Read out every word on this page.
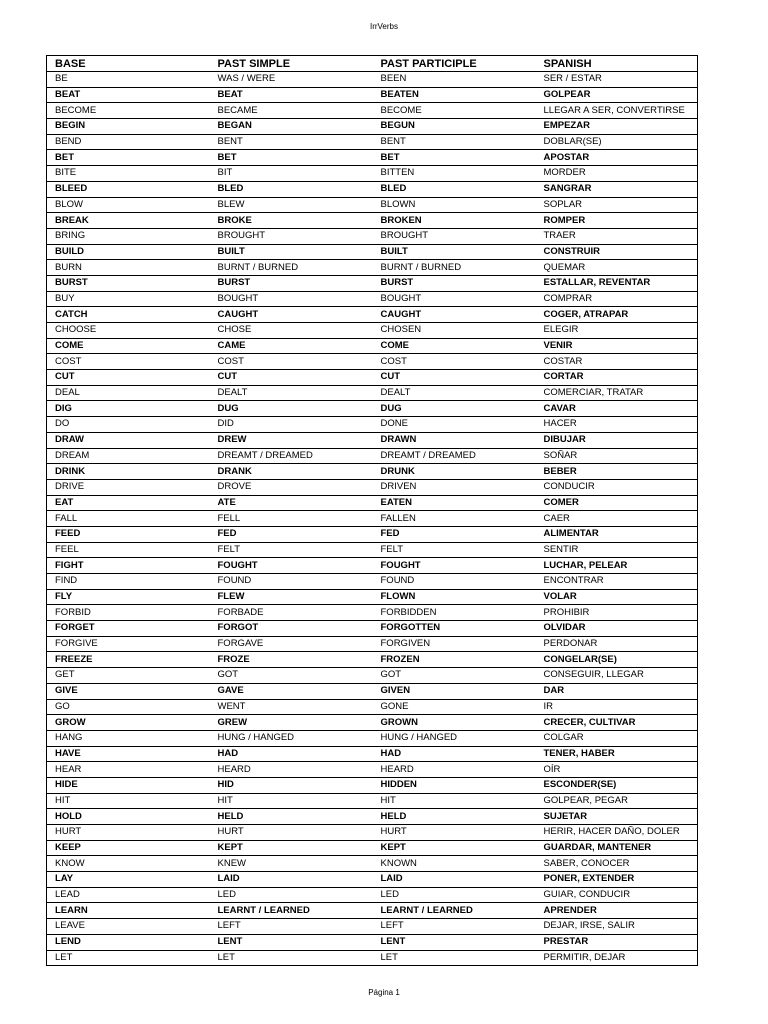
IrrVerbs
BASE	PAST SIMPLE	PAST PARTICIPLE	SPANISH
BE	WAS / WERE	BEEN	SER / ESTAR
BEAT	BEAT	BEATEN	GOLPEAR
BECOME	BECAME	BECOME	LLEGAR A SER, CONVERTIRSE
BEGIN	BEGAN	BEGUN	EMPEZAR
BEND	BENT	BENT	DOBLAR(SE)
BET	BET	BET	APOSTAR
BITE	BIT	BITTEN	MORDER
BLEED	BLED	BLED	SANGRAR
BLOW	BLEW	BLOWN	SOPLAR
BREAK	BROKE	BROKEN	ROMPER
BRING	BROUGHT	BROUGHT	TRAER
BUILD	BUILT	BUILT	CONSTRUIR
BURN	BURNT / BURNED	BURNT / BURNED	QUEMAR
BURST	BURST	BURST	ESTALLAR, REVENTAR
BUY	BOUGHT	BOUGHT	COMPRAR
CATCH	CAUGHT	CAUGHT	COGER, ATRAPAR
CHOOSE	CHOSE	CHOSEN	ELEGIR
COME	CAME	COME	VENIR
COST	COST	COST	COSTAR
CUT	CUT	CUT	CORTAR
DEAL	DEALT	DEALT	COMERCIAR, TRATAR
DIG	DUG	DUG	CAVAR
DO	DID	DONE	HACER
DRAW	DREW	DRAWN	DIBUJAR
DREAM	DREAMT / DREAMED	DREAMT / DREAMED	SOÑAR
DRINK	DRANK	DRUNK	BEBER
DRIVE	DROVE	DRIVEN	CONDUCIR
EAT	ATE	EATEN	COMER
FALL	FELL	FALLEN	CAER
FEED	FED	FED	ALIMENTAR
FEEL	FELT	FELT	SENTIR
FIGHT	FOUGHT	FOUGHT	LUCHAR, PELEAR
FIND	FOUND	FOUND	ENCONTRAR
FLY	FLEW	FLOWN	VOLAR
FORBID	FORBADE	FORBIDDEN	PROHIBIR
FORGET	FORGOT	FORGOTTEN	OLVIDAR
FORGIVE	FORGAVE	FORGIVEN	PERDONAR
FREEZE	FROZE	FROZEN	CONGELAR(SE)
GET	GOT	GOT	CONSEGUIR, LLEGAR
GIVE	GAVE	GIVEN	DAR
GO	WENT	GONE	IR
GROW	GREW	GROWN	CRECER, CULTIVAR
HANG	HUNG / HANGED	HUNG / HANGED	COLGAR
HAVE	HAD	HAD	TENER, HABER
HEAR	HEARD	HEARD	OÍR
HIDE	HID	HIDDEN	ESCONDER(SE)
HIT	HIT	HIT	GOLPEAR, PEGAR
HOLD	HELD	HELD	SUJETAR
HURT	HURT	HURT	HERIR, HACER DAÑO, DOLER
KEEP	KEPT	KEPT	GUARDAR, MANTENER
KNOW	KNEW	KNOWN	SABER, CONOCER
LAY	LAID	LAID	PONER, EXTENDER
LEAD	LED	LED	GUIAR, CONDUCIR
LEARN	LEARNT / LEARNED	LEARNT / LEARNED	APRENDER
LEAVE	LEFT	LEFT	DEJAR, IRSE, SALIR
LEND	LENT	LENT	PRESTAR
LET	LET	LET	PERMITIR, DEJAR
Página 1
